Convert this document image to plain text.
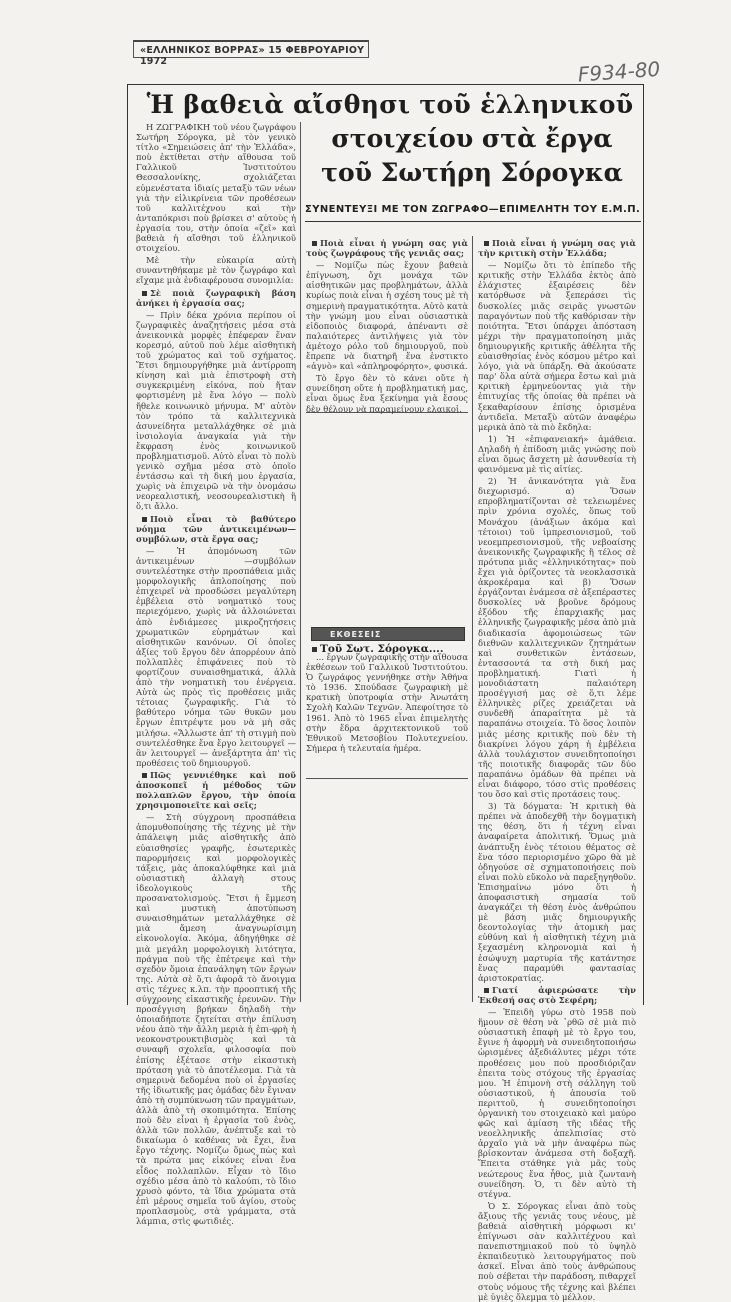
«ΕΛΛΗΝΙΚΟΣ ΒΟΡΡΑΣ» 15 ΦΕΒΡΟΥΑΡΙΟΥ 1972	F934-80
Ἡ βαθειὰ αἴσθησι τοῦ ἑλληνικοῦ
στοιχείου στὰ ἔργα
τοῦ Σωτήρη Σόρογκα
ΣΥΝΕΝΤΕΥΞΙ ΜΕ ΤΟΝ ΖΩΓΡΑΦΟ—ΕΠΙΜΕΛΗΤΗ ΤΟΥ Ε.Μ.Π.

Η ΖΩΓΡΑΦΙΚΗ τοῦ νέου ζωγράφου Σωτήρη Σόρογκα, μὲ τὸν γενικὸ τίτλο «Σημειώσεις ἀπ' τὴν Ἑλλάδα», ποὺ ἐκτίθεται στὴν αἴθουσα τοῦ Γαλλικοῦ Ἰνστιτούτου Θεσσαλονίκης, σχολιάζεται εὐμενέστατα ἰδιαίς μεταξὺ τῶν νέων γιὰ τὴν εἰλικρίνεια τῶν προθέσεων τοῦ καλλιτέχνου καὶ τὴν ἀνταπόκρισι ποὺ βρίσκει σ' αὐτοὺς ἡ ἐργασία του, στὴν ὁποία «ζεῖ» καὶ βαθειὰ ἡ αἴσθησι τοῦ ἑλληνικοῦ στοιχείου.

Μὲ τὴν εὐκαιρία αὐτὴ συναντηθήκαμε μὲ τὸν ζωγράφο καὶ εἴχαμε μιὰ ἐνδιαφέρουσα συνομιλία:

Σὲ ποιὰ ζωγραφικὴ βάση ἀνήκει ἡ ἐργασία σας;

— Πρὶν δέκα χρόνια περίπου οἱ ζωγραφικὲς ἀναζητήσεις μέσα στὰ ἀνεικονικὰ μορφὲς ἐπέφεραν ἕναν κορεσμό, αὐτοῦ ποὺ λέμε αἰσθητικὴ τοῦ χρώματος καὶ τοῦ σχήματος. Ἔτσι δημιουργήθηκε μιὰ ἀντίρροπη κίνηση καὶ μιὰ ἐπιστροφὴ στὴ συγκεκριμένη εἰκόνα, ποὺ ἤταν φορτισμένη μὲ ἕνα λόγο — πολὺ ἤθελε κοινωνικὸ μήνυμα. Μ' αὐτὸν τὸν τρόπο τὰ καλλιτεχνικὰ ἀσυνείδητα μεταλλάχθηκε σὲ μιὰ ἰνσιολογία ἀναγκαία γιὰ τὴν ἔκφραση ἐνὸς κοινωνικοῦ προβληματισμοῦ. Αὐτὸ εἶναι τὸ πολὺ γενικὸ σχῆμα μέσα στὸ ὁποῖο ἐντάσσω καὶ τὴ δική μου ἐργασία, χωρὶς νὰ ἐπιχειρῶ νὰ τὴν ὀνομάσω νεορεαλιστική, νεοσουρεαλιστικὴ ἢ ὅ,τι ἄλλο.

Ποιὸ εἶναι τὸ βαθύτερο νόημα τῶν ἀντικειμένων—συμβόλων, στὰ ἔργα σας;

— Ἡ ἀπομόνωση τῶν ἀντικειμένων —συμβόλων συντελέστηκε στὴν προσπάθεια μιᾶς μορφολογικῆς ἀπλοποίησης ποὺ ἐπιχειρεῖ νὰ προσδώσει μεγαλύτερη ἐμβέλεια στὸ νοηματικὸ τους περιεχόμενο, χωρὶς νὰ ἀλλοιώνεται ἀπὸ ἐνδιάμεσες μικροζητήσεις χρωματικῶν εὑρημάτων καὶ αἰσθητικῶν κανόνων. Οἱ ὁποῖες ἀξίες τοῦ ἔργου δὲν ἀπορρέουν ἀπὸ πολλαπλὲς ἐπιφάνειες ποὺ τὸ φορτίζουν συναισθηματικά, ἀλλὰ ἀπὸ τὴν νοηματικὴ του ἐνέργεια. Αὐτὰ ὡς πρὸς τὶς προθέσεις μιᾶς τέτοιας ζωγραφικῆς. Γιὰ τὸ βαθύτερο νόημα τῶν θυκῶν μου ἔργων ἐπιτρέψτε μου νὰ μὴ σᾶς μιλήσω. «Ἄλλωστε ἀπ' τὴ στιγμὴ ποὺ συντελέσθηκε ἕνα ἔργο λειτουργεῖ — ἂν λειτουργεῖ — ἀνεξάρτητα ἀπ' τὶς προθέσεις τοῦ δημιουργοῦ.

Πῶς γεννιέθηκε καὶ ποῦ ἀποσκοπεῖ ἡ μέθοδος τῶν πολλαπλῶν ἔργου, τὴν ὁποία χρησιμοποιεῖτε καὶ σεῖς;

— Στὴ σύγχρονη προσπάθεια ἀπομυθοποίησης τῆς τέχνης μὲ τὴν ἀπάλειψη μιᾶς αἰσθητικῆς ἀπὸ εὐαισθησίες γραφῆς, ἐσωτερικὲς παρορμήσεις καὶ μορφολογικὲς τάξεις, μὰς ἀποκαλύφθηκε καὶ μιὰ οὐσιαστικὴ ἀλλαγὴ στους ἰδεολογικοὺς τῆς προσανατολισμούς. Ἔτσι ἡ ἔμμεση καὶ μυστικὴ ἀποτύπωση συναισθημάτων μεταλλάχθηκε σὲ μιὰ ἄμεση ἀναγνωρίσιμη εἰκονολογία. Ἀκόμα, ἀδηγήθηκε σὲ μιὰ μεγάλη μορφολογικὴ λιτότητα, πράγμα ποὺ τῆς ἐπέτρεψε καὶ τὴν σχεδὸν ὅμοια ἐπανάληψη τῶν ἔργων της. Αὐτὰ σὲ ὅ,τι ἀφορᾶ τὸ ἄνοιγμα στὶς τέχνες κ.λπ. τὴν προοπτική τῆς σύγχρονης εἰκαστικῆς ἐρευνῶν. Τὴν προσέγγιση βρήκαν δηλαδὴ τὴν ὁποιαδήποτε ζητείται στὴν ἐπίλυση νέου ἀπὸ τὴν ἄλλη μεριὰ ἡ ἐπι-φρὴ ἡ νεοκονστρουκτιβισμὸς καὶ τὰ συναφῆ σχολεῖα, φιλοσοφία ποὺ ἐπίσης ἐξέτασε στὴν εἰκαστικὴ πρόταση γιὰ τὸ ἀποτέλεσμα. Γιὰ τὰ σημερινὰ δεδομένα ποὺ οἱ ἐργασίες τῆς ἰδιωτικῆς μας ὁμάδας δὲν ἔγιναν ἀπὸ τὴ συμπύκνωση τῶν πραγμάτων, ἀλλὰ ἀπὸ τὴ σκοπιμότητα. Ἐπίσης ποὺ δὲν εἶναι ἡ ἐργασία τοῦ ἑνὸς, ἀλλὰ τῶν πολλῶν, ἀνέπτυξε καὶ τὸ δικαίωμα ὁ καθένας νὰ ἔχει, ἕνα ἔργο τέχνης. Νομίζω ὅμως πὼς καὶ τὰ πρώτα μας εἰκόνες εἶναι ἕνα εἶδος πολλαπλῶν. Εἶχαν τὸ ἴδιο σχέδιο μέσα ἀπὸ τὸ καλούπι, τὸ ἴδιο χρυσὸ φόντο, τὰ ἴδια χρώματα στὰ ἐπὶ μέρους σημεῖα τοῦ ἁγίου, στοὺς προπλασμοὺς, στὰ γράμματα, στὰ λάμπια, στὶς φωτιδιές.

Ποιὰ εἶναι ἡ γνώμη σας γιὰ τοὺς ζωγράφους τῆς γενιᾶς σας;

— Νομίζω πὼς ἔχουν βαθειὰ ἐπίγνωση, ὄχι μονάχα τῶν αἰσθητικῶν μας προβλημάτων, ἀλλὰ κυρίως ποιὰ εἶναι ἡ σχέση τους μὲ τὴ σημερινὴ πραγματικότητα. Αὐτὸ κατὰ τὴν γνώμη μου εἶναι οὐσιαστικὰ εἰδοποιὸς διαφορά, ἀπέναντι σὲ παλαιότερες ἀντιλήψεις γιὰ τὸν ἀμέτοχο ρόλο τοῦ δημιουργοῦ, ποὺ ἔπρεπε νὰ διατηρῆ ἕνα ἐνστικτο «ἁγνὸ» καὶ «ἀπληροφόρητο», φυσικά.

Τὸ ἔργο δὲν τὸ κάνει οὔτε ἡ συνείδηση οὔτε ἡ προβληματική μας, εἶναι ὅμως ἕνα ξεκίνημα γιὰ ἔσους δὲν θέλουν νὰ παραμείνουν ελαικοἱ.

ΕΚΘΕΣΕΙΣ
Τοῦ Σωτ. Σόρογκα....

... ἔργων ζωγραφικῆς στὴν αἴθουσα ἐκθέσεων τοῦ Γαλλικοῦ Ἰνστιτούτου. Ὁ ζωγράφος γεννήθηκε στὴν Ἀθήνα τὸ 1936. Σπούδασε ζωγραφικὴ μὲ κρατικὴ ὑποτροφία στὴν Ἀνωτάτη Σχολὴ Καλῶν Τεχνῶν. Ἀπεφοίτησε τὸ 1961. Ἀπὸ τὸ 1965 εἶναι ἐπιμελητὴς στὴν ἕδρα ἀρχιτεκτονικοῦ τοῦ Ἐθνικοῦ Μετσοβίου Πολυτεχνείου. Σήμερα ἡ τελευταία ἡμέρα.

Ποιὰ εἶναι ἡ γνώμη σας γιὰ τὴν κριτικὴ στὴν Ἑλλάδα;

— Νομίζω ὅτι τὸ ἐπίπεδο τῆς κριτικῆς στὴν Ἑλλάδα ἐκτὸς ἀπὸ ἐλάχιστες ἐξαιρέσεις δὲν κατόρθωσε νὰ ξεπεράσει τὶς δυσκολίες μιᾶς σειρᾶς γνωστῶν παραγόντων ποὺ τῆς καθόρισαν τὴν ποιότητα. Ἔτσι ὑπάρχει ἀπόσταση μέχρι τὴν πραγματοποίηση μιᾶς δημιουργικῆς κριτικῆς ἀθέλητα τῆς εὐαισθησίας ἐνὸς κόσμου μέτρο καὶ λόγο, γιὰ νὰ ὑπάρξη. Θὰ ἀκούσατε παρ' ὅλα αὐτὰ σήμερα ἔστω καὶ μιὰ κριτικὴ ἑρμηνεύοντας γιὰ τὴν ἐπιτυχίας τῆς ὁποίας θὰ πρέπει νὰ ξεκαθαρίσουν ἐπίσης ὁρισμένα ἀντιδεῖα. Μεταξὺ αὐτῶν ἀναφέρω μερικὰ ἀπὸ τὰ πιὸ ἔκδηλα:

1) Ἡ «ἐπιφανειακή» ἀμάθεια. Δηλαδὴ ἡ ἐπίδοση μιᾶς γνώσης ποὺ εἶναι ὅμως ἄσχετη μὲ ἀσυνθεσία τὴ φαινόμενα μὲ τὶς αἰτίες.

2) Ἡ ἀνικανότητα γιὰ ἕνα διεχωρισμό. α) Ὅσων επροβληματίζονται σὲ τελειωμένες πρὶν χρόνια σχολές, ὅπως τοῦ Μονάχου (ἀνάξιων ἀκόμα καὶ τέτοιοι) τοῦ ἰμπρεσιονισμοῦ, τοῦ νεοεμπρεσιονισμοῦ, τῆς νεβοαίσης ἀνεικονικῆς ζωγραφικῆς ἢ τέλος σὲ πρότυπα μιᾶς «ἑλληνικότητας» ποὺ ἔχει γιὰ ὁρίζοντες τὰ νεοκλασσικὰ ἀκροκέραμα καὶ β) Ὅσων ἐργάζονται ἐνάμεσα σὲ ἀξεπέραστες δυσκολίες νὰ βροῦνε δρόμους ἐξόδου τῆς ἐπαρχιακῆς μας ἑλληνικῆς ζωγραφικῆς μέσα ἀπὸ μιὰ διαδικασία ἀφομοιώσεως τῶν διεθνῶν καλλιτεχνικῶν ζητημάτων καὶ συνθετικῶν ἐντάσεων, ἐντασσοντά τα στὴ δική μας προβληματική. Γιατὶ ἡ μονοδιάστατη παλαιότερη προσέγγισή μας σὲ ὅ,τι λέμε ἑλληνικὲς ρίζες χρειάζεται νὰ συνδεθῆ ἀπαραίτητα μὲ τὰ παραπάνω στοιχεία. Τὸ ὅσος λοιπὸν μιᾶς μέσης κριτικῆς ποὺ δὲν τὴ διακρίνει λόγου χάρη ἡ ἐμβέλεια ἀλλὰ τουλάχιστον συνειδητοποίησι τῆς ποιοτικῆς διαφορᾶς τῶν δύο παραπάνω ὁμάδων θὰ πρέπει νὰ εἶναι διάφορο, τόσο στὶς προθέσεις του ὅσο καὶ στὶς προτάσεις τους.

3) Τὰ δόγματα: Ἡ κριτικὴ θὰ πρέπει νὰ ἀποδεχθῆ τὴν δογματικὴ της θέση, ὅτι ἡ τέχνη εἶναι ἀναφαίρετα ἀπολιτική. Ὅμως μιὰ ἀνάπτυξη ἑνὸς τέτοιου θέματος σὲ ἕνα τόσο περιορισμένο χῶρο θὰ μὲ ὁδηγούσε σὲ σχηματοποιήσεις ποὺ εἶναι πολὺ εὔκολο νὰ παρεξηγηθοῦν. Ἐπισημαίνω μόνο ὅτι ἡ ἀποφασιστικὴ σημασία τοῦ ἀναγκάζει τὴ θέση ἐνὸς ἀνθρώπου μὲ βάση μιᾶς δημιουργικῆς δεοντολογίας τὴν ἀτομικὴ μας εὐθύνη καὶ ἡ αἰσθητικὴ τέχνη μιὰ ξεχασμένη κληρονομιὰ καὶ ἡ ἐσώψυχη μαρτυρία τῆς κατάντησε ἕνας παραμύθι φαντασίας ἀριστοκρατίας.

Γιατί ἀφιερώσατε τὴν Ἐκθεσή σας στὸ Σεφέρη;

— Ἐπειδὴ γύρω στὸ 1958 ποὺ ἥμουν σὲ θέση νὰ ᾽ρθῶ σὲ μιὰ πιὸ οὐσιαστικὴ ἐπαφὴ μὲ τὸ ἔργο του, ἔγινε ἡ ἀφορμὴ νὰ συνειδητοποιήσω ὡρισμένες ἀξεδιάλυτες μέχρι τότε προθέσεις μου ποὺ προσδιόριζαν ἐπειτα τοὺς στόχους τῆς ἐργασίας μου. Ἡ ἐπιμονὴ στὴ σάλληγη τοῦ οὐσιαστικοῦ, ἡ ἀπουσία τοῦ περιττοῦ, ἡ συνειδητοποίησι ὀργανικὴ του στοιχειακὸ καὶ μαύρο φῶς καὶ ἀμίαση τῆς ιδέας τῆς νεοελληνικῆς ἀπελπισίας στὸ ἀρχαῖο γιὰ νὰ μὴν ἀναφέρω πὼς βρίσκονταν ἀνάμεσα στὴ δοξαχῆ. Ἔπειτα στάθηκε γιὰ μᾶς τοὺς νεώτερους ἕνα ἦθος, μιὰ ζωντανὴ συνείδηση. Ὁ, τι δὲν αὐτὸ τὴ στέγνα.

Ὁ Σ. Σόρογκας εἶναι ἀπὸ τοὺς ἄξιους τῆς γενιᾶς τους νέους, μὲ βαθειὰ αἰσθητικὴ μόρφωσι κι' ἐπίγνωσι σὰν καλλιτέχνου καὶ πανεπιστημιακοῦ ποὺ τὸ ὑψηλὸ ἐκπαιδευτικὸ λειτουργήματος ποὺ ἀσκεῖ. Εἶναι ἀπὸ τοὺς ἀνθρώπους ποὺ σέβεται τὴν παράδοση, πιθαρχεῖ στοὺς νόμους τῆς τέχνης καὶ βλέπει μὲ ὑγιὲς ὄλεμμα τὸ μέλλον.
